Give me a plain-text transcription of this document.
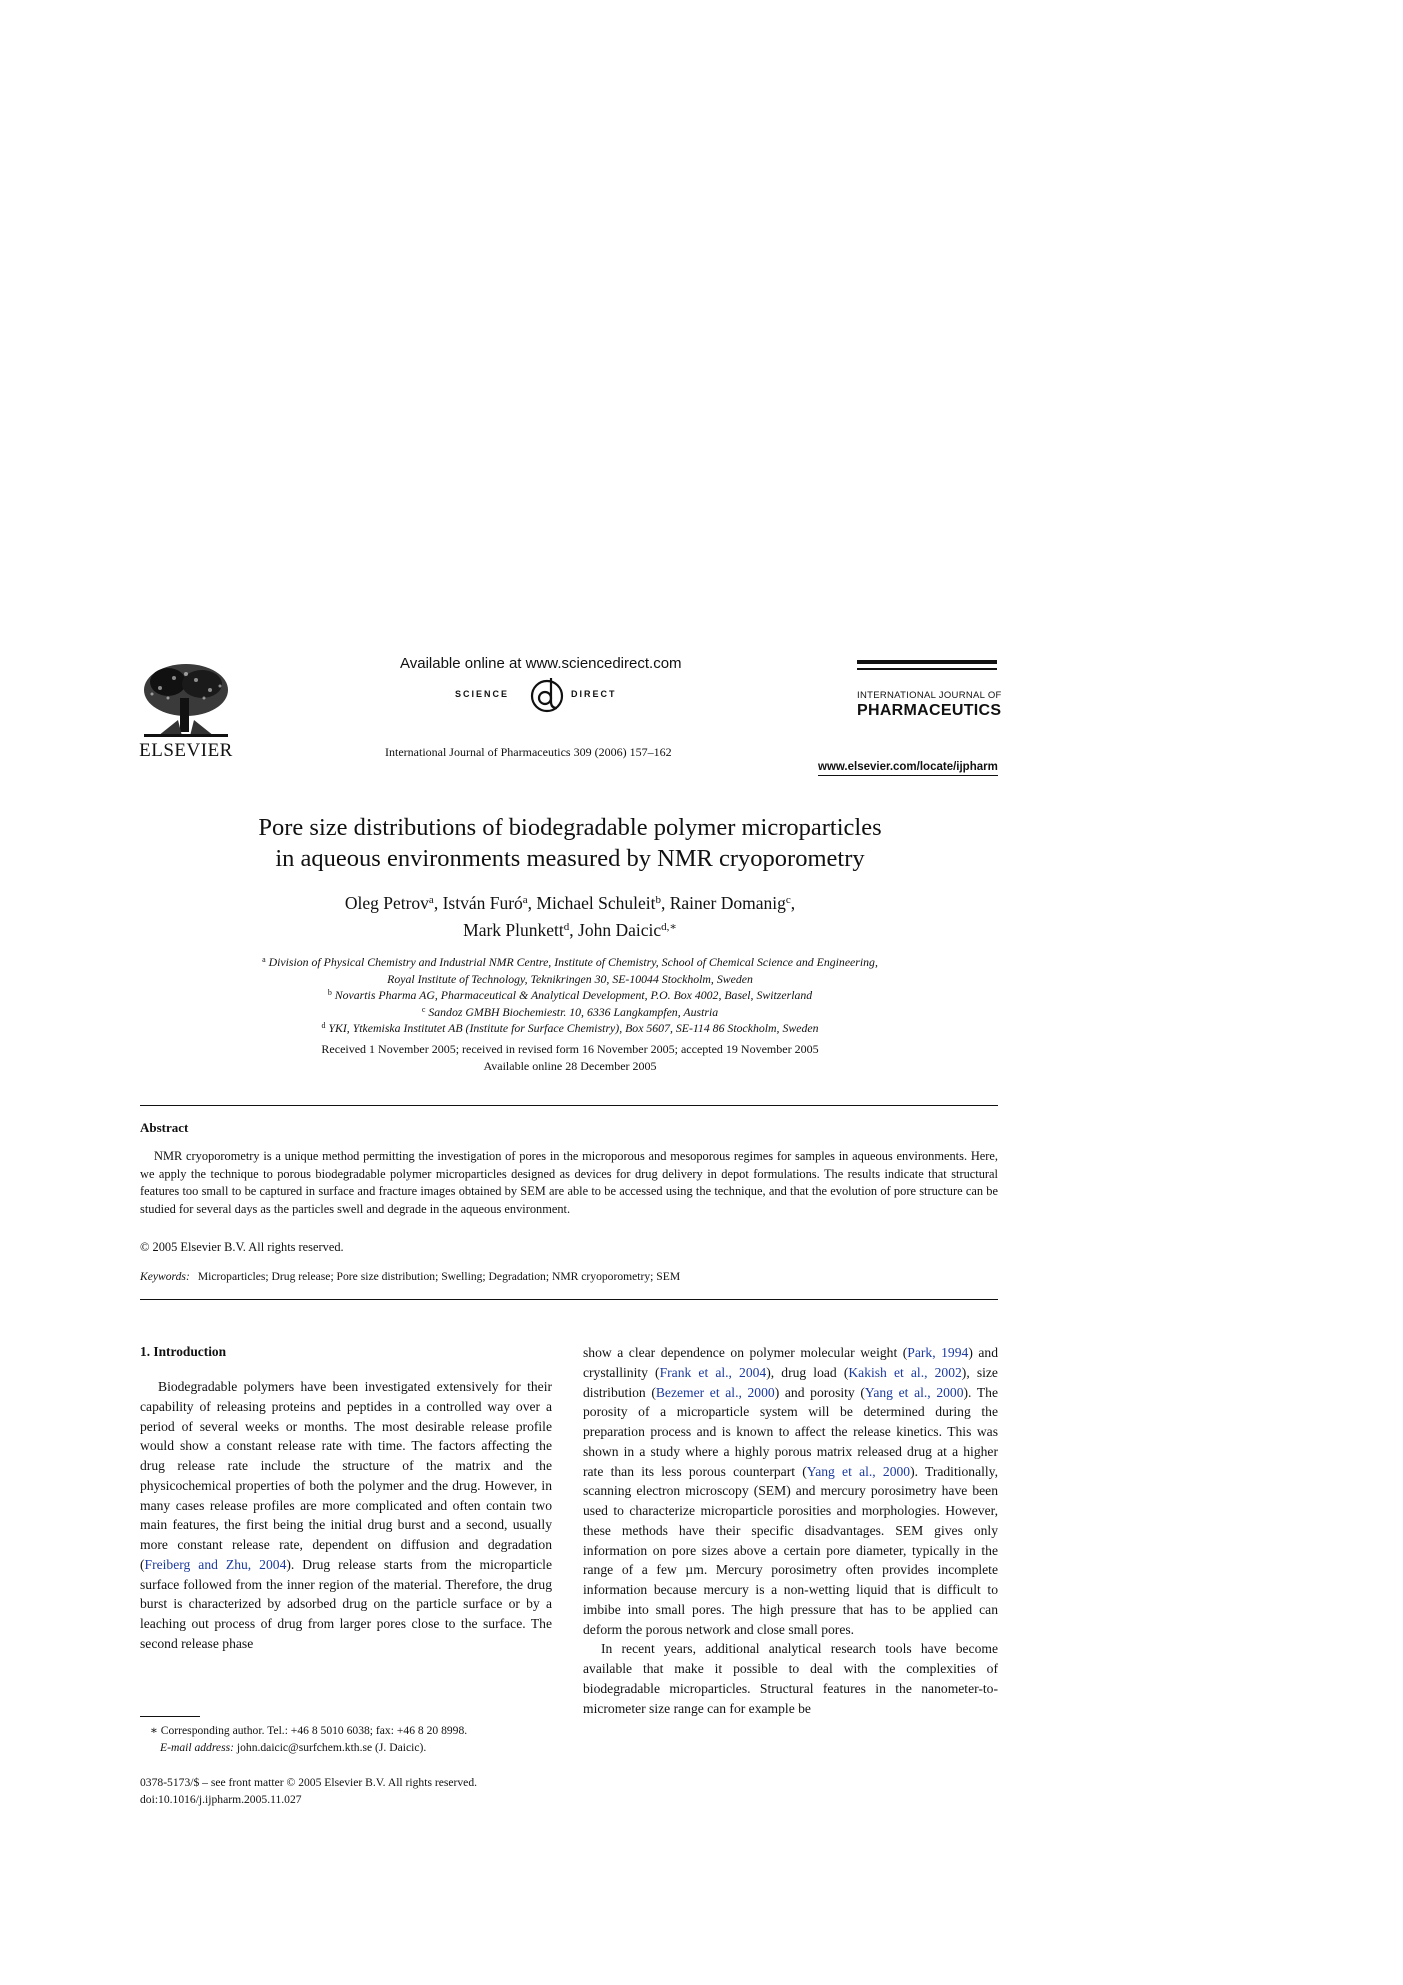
ELSEVIER
Available online at www.sciencedirect.com
SCIENCE	DIRECT
International Journal of Pharmaceutics 309 (2006) 157–162
INTERNATIONAL JOURNAL OF
PHARMACEUTICS
www.elsevier.com/locate/ijpharm
Pore size distributions of biodegradable polymer microparticles
in aqueous environments measured by NMR cryoporometry
Oleg Petrov$^a$, István Furó$^a$, Michael Schuleit$^b$, Rainer Domanig$^c$,
Mark Plunkett$^d$, John Daicic$^{d,∗}$
$^a$ Division of Physical Chemistry and Industrial NMR Centre, Institute of Chemistry, School of Chemical Science and Engineering,
Royal Institute of Technology, Teknikringen 30, SE-10044 Stockholm, Sweden
$^b$ Novartis Pharma AG, Pharmaceutical & Analytical Development, P.O. Box 4002, Basel, Switzerland
$^c$ Sandoz GMBH Biochemiestr. 10, 6336 Langkampfen, Austria
$^d$ YKI, Ytkemiska Institutet AB (Institute for Surface Chemistry), Box 5607, SE-114 86 Stockholm, Sweden
Received 1 November 2005; received in revised form 16 November 2005; accepted 19 November 2005
Available online 28 December 2005
Abstract
NMR cryoporometry is a unique method permitting the investigation of pores in the microporous and mesoporous regimes for samples in aqueous environments. Here, we apply the technique to porous biodegradable polymer microparticles designed as devices for drug delivery in depot formulations. The results indicate that structural features too small to be captured in surface and fracture images obtained by SEM are able to be accessed using the technique, and that the evolution of pore structure can be studied for several days as the particles swell and degrade in the aqueous environment.
© 2005 Elsevier B.V. All rights reserved.
Keywords: Microparticles; Drug release; Pore size distribution; Swelling; Degradation; NMR cryoporometry; SEM
1. Introduction
Biodegradable polymers have been investigated extensively for their capability of releasing proteins and peptides in a controlled way over a period of several weeks or months. The most desirable release profile would show a constant release rate with time. The factors affecting the drug release rate include the structure of the matrix and the physicochemical properties of both the polymer and the drug. However, in many cases release profiles are more complicated and often contain two main features, the first being the initial drug burst and a second, usually more constant release rate, dependent on diffusion and degradation (Freiberg and Zhu, 2004). Drug release starts from the microparticle surface followed from the inner region of the material. Therefore, the drug burst is characterized by adsorbed drug on the particle surface or by a leaching out process of drug from larger pores close to the surface. The second release phase

show a clear dependence on polymer molecular weight (Park, 1994) and crystallinity (Frank et al., 2004), drug load (Kakish et al., 2002), size distribution (Bezemer et al., 2000) and porosity (Yang et al., 2000). The porosity of a microparticle system will be determined during the preparation process and is known to affect the release kinetics. This was shown in a study where a highly porous matrix released drug at a higher rate than its less porous counterpart (Yang et al., 2000). Traditionally, scanning electron microscopy (SEM) and mercury porosimetry have been used to characterize microparticle porosities and morphologies. However, these methods have their specific disadvantages. SEM gives only information on pore sizes above a certain pore diameter, typically in the range of a few µm. Mercury porosimetry often provides incomplete information because mercury is a non-wetting liquid that is difficult to imbibe into small pores. The high pressure that has to be applied can deform the porous network and close small pores.

In recent years, additional analytical research tools have become available that make it possible to deal with the complexities of biodegradable microparticles. Structural features in the nanometer-to-micrometer size range can for example be

∗ Corresponding author. Tel.: +46 8 5010 6038; fax: +46 8 20 8998.
E-mail address: john.daicic@surfchem.kth.se (J. Daicic).
0378-5173/$ – see front matter © 2005 Elsevier B.V. All rights reserved.
doi:10.1016/j.ijpharm.2005.11.027
